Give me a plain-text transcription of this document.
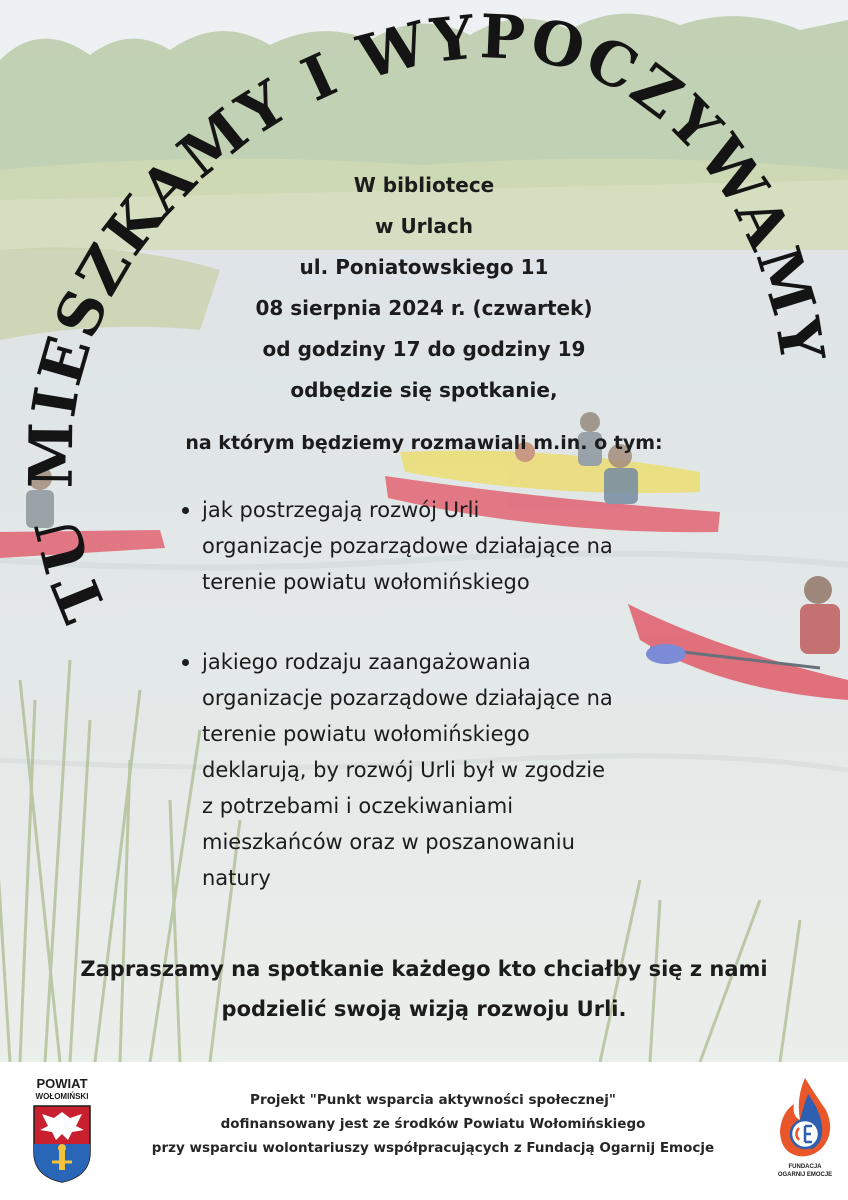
TU MIESZKAMY I WYPOCZYWAMY
W bibliotece
w Urlach
ul. Poniatowskiego 11
08 sierpnia 2024 r. (czwartek)
od godziny 17 do godziny 19
odbędzie się spotkanie,
na którym będziemy rozmawiali m.in. o tym:
jak postrzegają rozwój Urli
organizacje pozarządowe działające na
terenie powiatu wołomińskiego
jakiego rodzaju zaangażowania
organizacje pozarządowe działające na
terenie powiatu wołomińskiego
deklarują, by rozwój Urli był w zgodzie
z potrzebami i oczekiwaniami
mieszkańców oraz w poszanowaniu
natury
Zapraszamy na spotkanie każdego kto chciałby się z nami
podzielić swoją wizją rozwoju Urli.
POWIAT
WOŁOMIŃSKI	Projekt "Punkt wsparcia aktywności społecznej"
dofinansowany jest ze środków Powiatu Wołomińskiego
przy wsparciu wolontariuszy współpracujących z Fundacją Ogarnij Emocje
FUNDACJA
OGARNIJ EMOCJE
